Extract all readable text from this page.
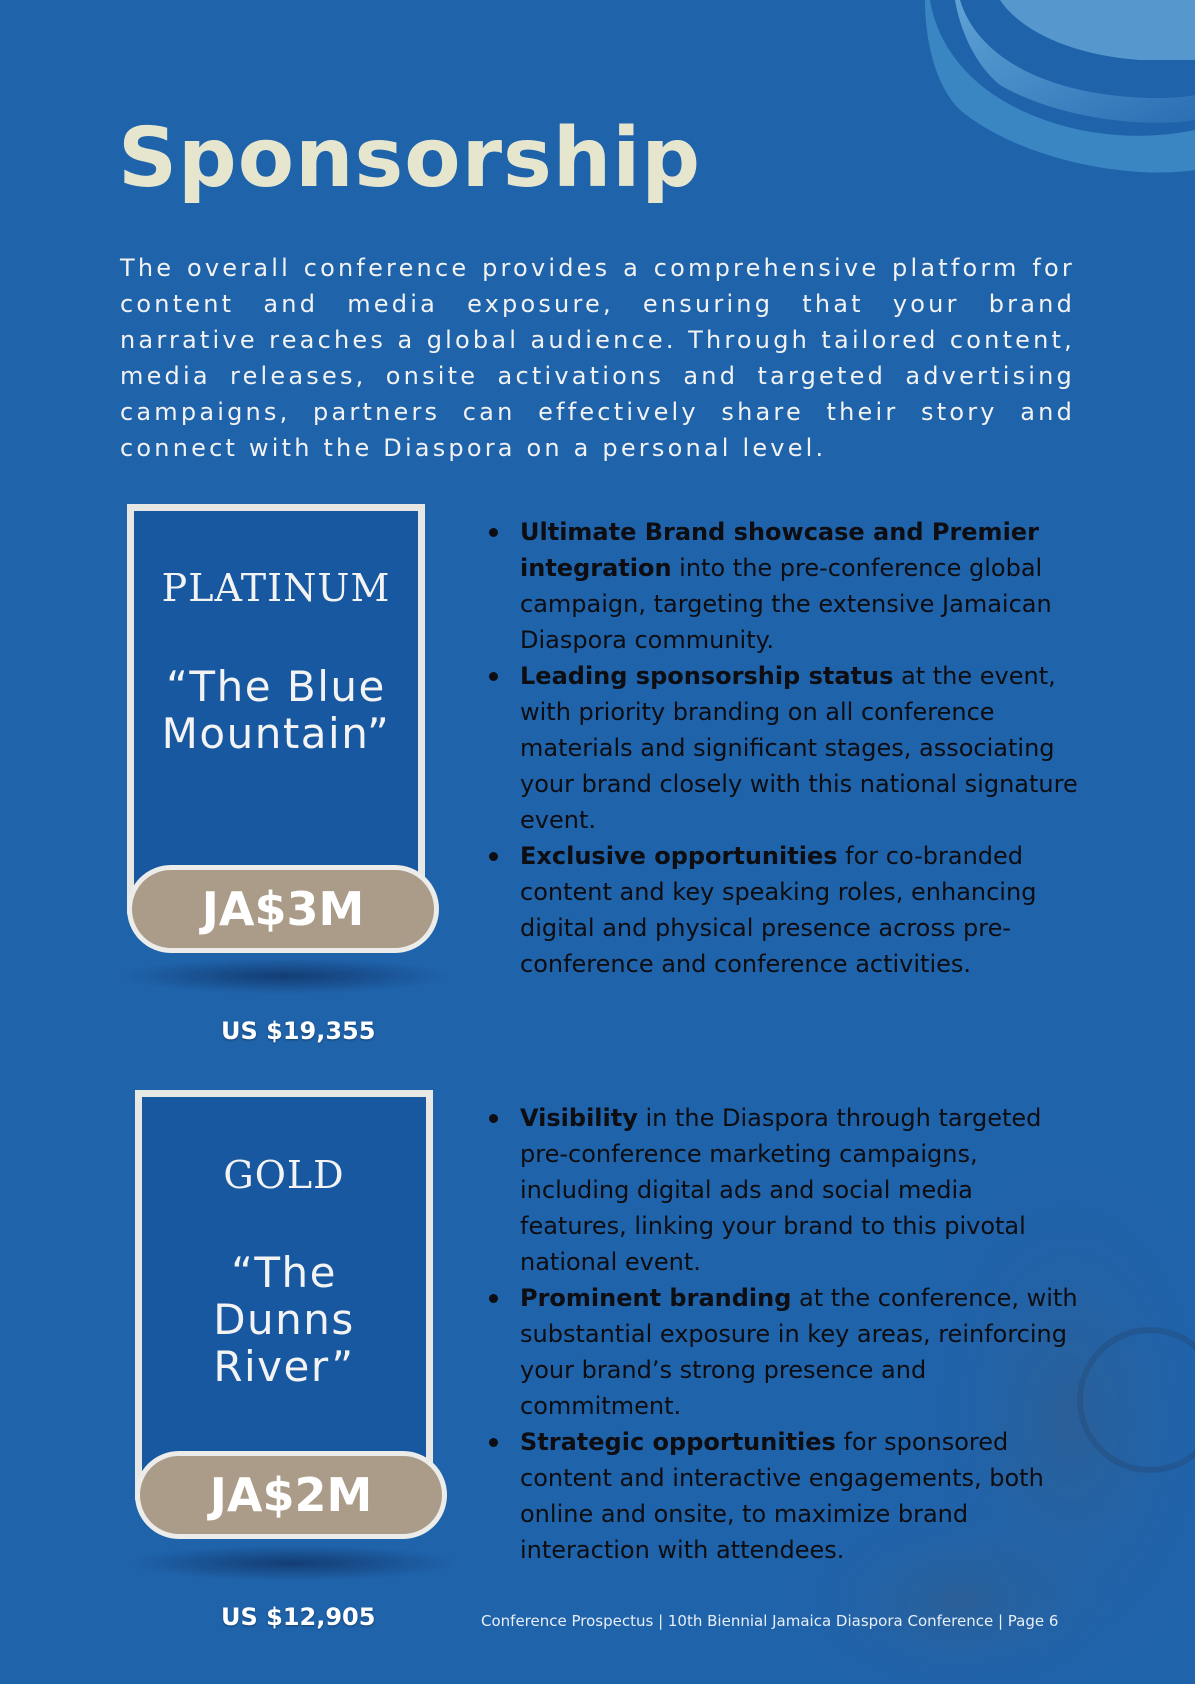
Sponsorship

The overall conference provides a comprehensive platform for content and media exposure, ensuring that your brand narrative reaches a global audience. Through tailored content, media releases, onsite activations and targeted advertising campaigns, partners can effectively share their story and connect with the Diaspora on a personal level.

PLATINUM
“The Blue
Mountain”
JA$3M
US $19,355
Ultimate Brand showcase and Premier integration into the pre-conference global campaign, targeting the extensive Jamaican Diaspora community.
Leading sponsorship status at the event, with priority branding on all conference materials and significant stages, associating your brand closely with this national signature event.
Exclusive opportunities for co-branded content and key speaking roles, enhancing digital and physical presence across pre-conference and conference activities.
GOLD
“The
Dunns
River”
JA$2M
US $12,905
Visibility in the Diaspora through targeted pre-conference marketing campaigns, including digital ads and social media features, linking your brand to this pivotal national event.
Prominent branding at the conference, with substantial exposure in key areas, reinforcing your brand’s strong presence and commitment.
Strategic opportunities for sponsored content and interactive engagements, both online and onsite, to maximize brand interaction with attendees.
Conference Prospectus | 10th Biennial Jamaica Diaspora Conference | Page 6
